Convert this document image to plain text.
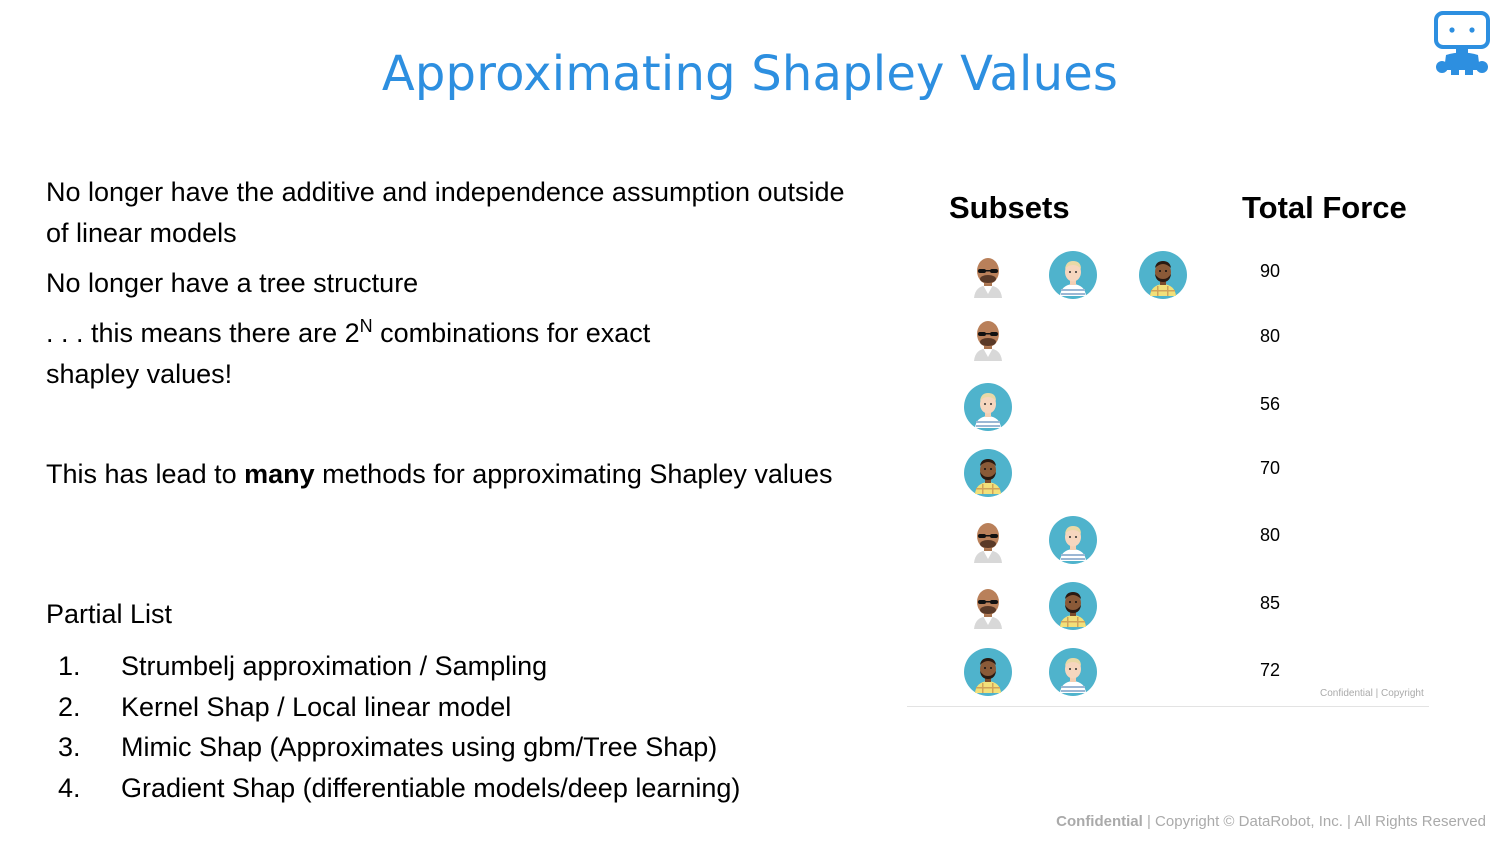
Approximating Shapley Values

No longer have the additive and independence assumption outside of linear models

No longer have a tree structure

. . . this means there are $2^N$ combinations for exact shapley values!

This has lead to many methods for approximating Shapley values

Partial List

1. Strumbelj approximation / Sampling
2. Kernel Shap / Local linear model
3. Mimic Shap (Approximates using gbm/Tree Shap)
4. Gradient Shap (differentiable models/deep learning)
Subsets	Total Force
90
80
56
70
80
85
72
Confidential | Copyright
Confidential | Copyright © DataRobot, Inc. | All Rights Reserved
